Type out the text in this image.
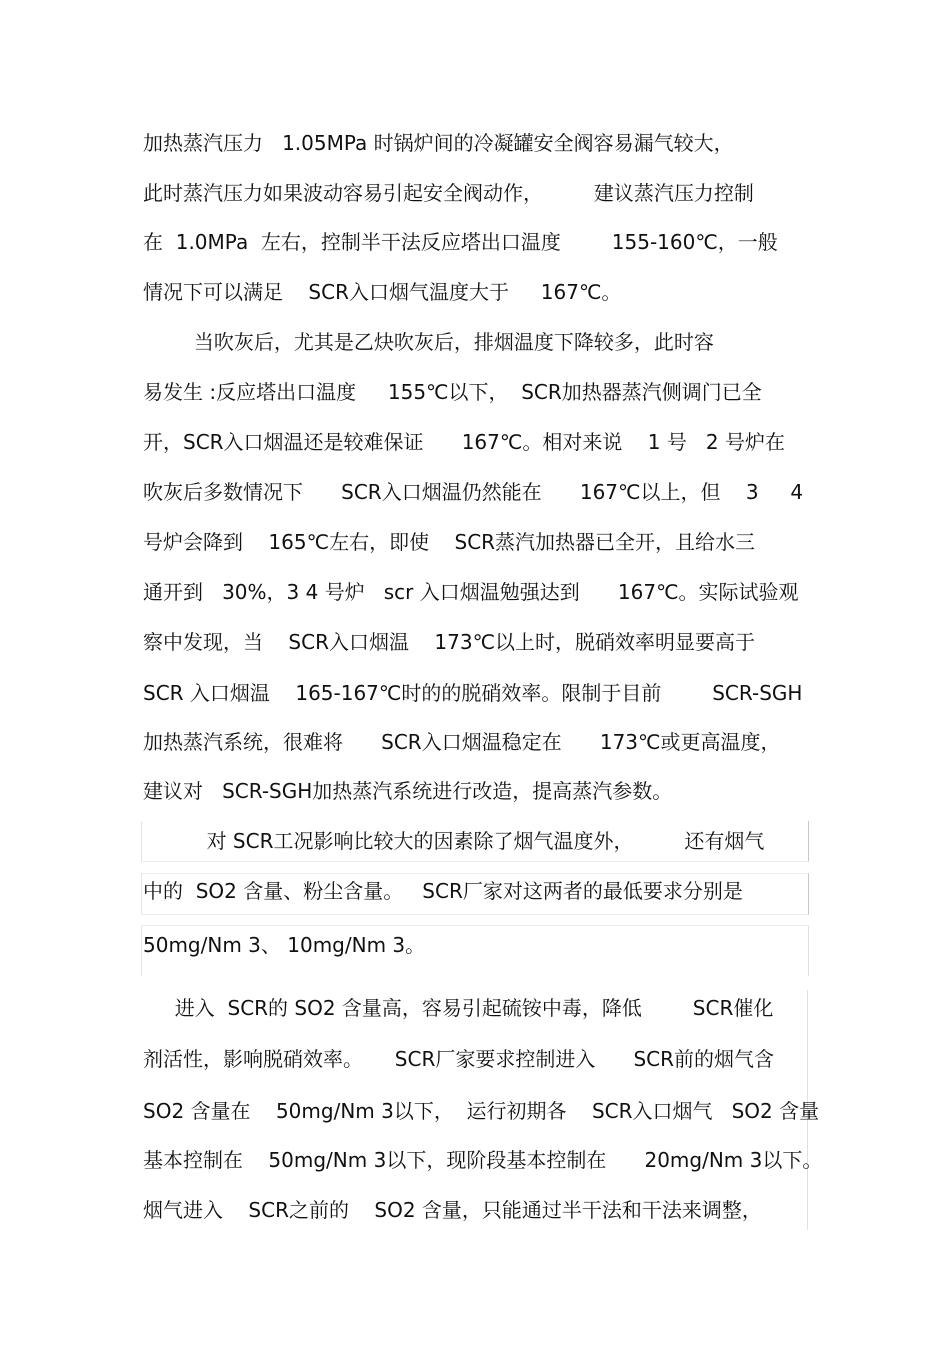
加热蒸汽压力   1.05MPa 时锅炉间的冷凝罐安全阀容易漏气较大，
此时蒸汽压力如果波动容易引起安全阀动作，        建议蒸汽压力控制
在  1.0MPa  左右，控制半干法反应塔出口温度        155-160℃，一般
情况下可以满足    SCR入口烟气温度大于     167℃。
当吹灰后，尤其是乙炔吹灰后，排烟温度下降较多，此时容
易发生 :反应塔出口温度     155℃以下，  SCR加热器蒸汽侧调门已全
开，SCR入口烟温还是较难保证      167℃。相对来说    1 号   2 号炉在
吹灰后多数情况下      SCR入口烟温仍然能在      167℃以上，但    3     4
号炉会降到    165℃左右，即使    SCR蒸汽加热器已全开，且给水三
通开到   30%，3 4 号炉   scr 入口烟温勉强达到      167℃。实际试验观
察中发现，当    SCR入口烟温    173℃以上时，脱硝效率明显要高于
SCR 入口烟温    165-167℃时的的脱硝效率。限制于目前        SCR-SGH
加热蒸汽系统，很难将      SCR入口烟温稳定在      173℃或更高温度，
建议对   SCR-SGH加热蒸汽系统进行改造，提高蒸汽参数。
对 SCR工况影响比较大的因素除了烟气温度外，        还有烟气
中的  SO2 含量、粉尘含量。   SCR厂家对这两者的最低要求分别是
50mg/Nm 3、 10mg/Nm 3。
进入  SCR的 SO2 含量高，容易引起硫铵中毒，降低        SCR催化
剂活性，影响脱硝效率。     SCR厂家要求控制进入      SCR前的烟气含
SO2 含量在    50mg/Nm 3以下，  运行初期各    SCR入口烟气   SO2 含量
基本控制在    50mg/Nm 3以下，现阶段基本控制在      20mg/Nm 3以下。
烟气进入    SCR之前的    SO2 含量，只能通过半干法和干法来调整，
